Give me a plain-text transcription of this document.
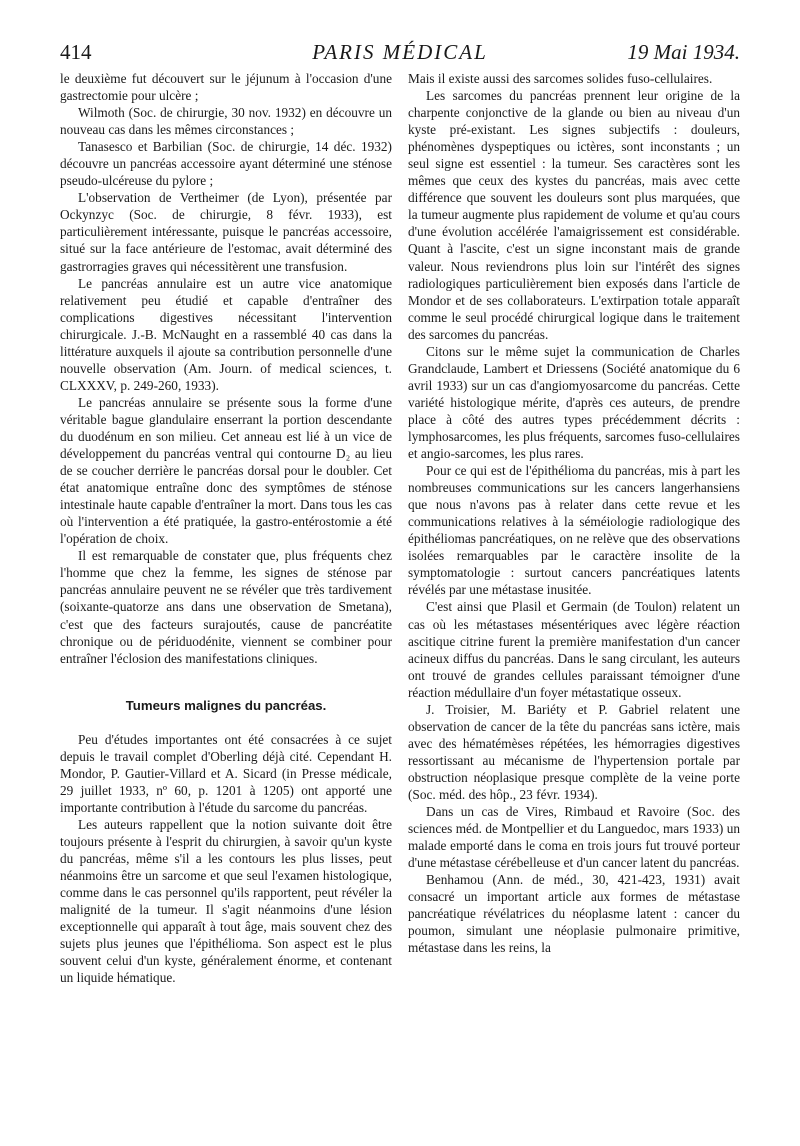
414	PARIS MÉDICAL	19 Mai 1934.

le deuxième fut découvert sur le jéjunum à l'occasion d'une gastrectomie pour ulcère ;

Wilmoth (Soc. de chirurgie, 30 nov. 1932) en découvre un nouveau cas dans les mêmes circonstances ;

Tanasesco et Barbilian (Soc. de chirurgie, 14 déc. 1932) découvre un pancréas accessoire ayant déterminé une sténose pseudo-ulcéreuse du pylore ;

L'observation de Vertheimer (de Lyon), présentée par Ockynzyc (Soc. de chirurgie, 8 févr. 1933), est particulièrement intéressante, puisque le pancréas accessoire, situé sur la face antérieure de l'estomac, avait déterminé des gastrorragies graves qui nécessitèrent une transfusion.

Le pancréas annulaire est un autre vice anatomique relativement peu étudié et capable d'entraîner des complications digestives nécessitant l'intervention chirurgicale. J.-B. McNaught en a rassemblé 40 cas dans la littérature auxquels il ajoute sa contribution personnelle d'une nouvelle observation (Am. Journ. of medical sciences, t. CLXXXV, p. 249-260, 1933).

Le pancréas annulaire se présente sous la forme d'une véritable bague glandulaire enserrant la portion descendante du duodénum en son milieu. Cet anneau est lié à un vice de développement du pancréas ventral qui contourne D₂ au lieu de se coucher derrière le pancréas dorsal pour le doubler. Cet état anatomique entraîne donc des symptômes de sténose intestinale haute capable d'entraîner la mort. Dans tous les cas où l'intervention a été pratiquée, la gastro-entérostomie a été l'opération de choix.

Il est remarquable de constater que, plus fréquents chez l'homme que chez la femme, les signes de sténose par pancréas annulaire peuvent ne se révéler que très tardivement (soixante-quatorze ans dans une observation de Smetana), c'est que des facteurs surajoutés, cause de pancréatite chronique ou de périduodénite, viennent se combiner pour entraîner l'éclosion des manifestations cliniques.

Tumeurs malignes du pancréas.

Peu d'études importantes ont été consacrées à ce sujet depuis le travail complet d'Oberling déjà cité. Cependant H. Mondor, P. Gautier-Villard et A. Sicard (in Presse médicale, 29 juillet 1933, nº 60, p. 1201 à 1205) ont apporté une importante contribution à l'étude du sarcome du pancréas.

Les auteurs rappellent que la notion suivante doit être toujours présente à l'esprit du chirurgien, à savoir qu'un kyste du pancréas, même s'il a les contours les plus lisses, peut néanmoins être un sarcome et que seul l'examen histologique, comme dans le cas personnel qu'ils rapportent, peut révéler la malignité de la tumeur. Il s'agit néanmoins d'une lésion exceptionnelle qui apparaît à tout âge, mais souvent chez des sujets plus jeunes que l'épithélioma. Son aspect est le plus souvent celui d'un kyste, généralement énorme, et contenant un liquide hématique.

Mais il existe aussi des sarcomes solides fuso-cellulaires.

Les sarcomes du pancréas prennent leur origine de la charpente conjonctive de la glande ou bien au niveau d'un kyste pré-existant. Les signes subjectifs : douleurs, phénomènes dyspeptiques ou ictères, sont inconstants ; un seul signe est essentiel : la tumeur. Ses caractères sont les mêmes que ceux des kystes du pancréas, mais avec cette différence que souvent les douleurs sont plus marquées, que la tumeur augmente plus rapidement de volume et qu'au cours d'une évolution accélérée l'amaigrissement est considérable. Quant à l'ascite, c'est un signe inconstant mais de grande valeur. Nous reviendrons plus loin sur l'intérêt des signes radiologiques particulièrement bien exposés dans l'article de Mondor et de ses collaborateurs. L'extirpation totale apparaît comme le seul procédé chirurgical logique dans le traitement des sarcomes du pancréas.

Citons sur le même sujet la communication de Charles Grandclaude, Lambert et Driessens (Société anatomique du 6 avril 1933) sur un cas d'angiomyosarcome du pancréas. Cette variété histologique mérite, d'après ces auteurs, de prendre place à côté des autres types précédemment décrits : lymphosarcomes, les plus fréquents, sarcomes fuso-cellulaires et angio-sarcomes, les plus rares.

Pour ce qui est de l'épithélioma du pancréas, mis à part les nombreuses communications sur les cancers langerhansiens que nous n'avons pas à relater dans cette revue et les communications relatives à la séméiologie radiologique des épithéliomas pancréatiques, on ne relève que des observations isolées remarquables par le caractère insolite de la symptomatologie : surtout cancers pancréatiques latents révélés par une métastase inusitée.

C'est ainsi que Plasil et Germain (de Toulon) relatent un cas où les métastases mésentériques avec légère réaction ascitique citrine furent la première manifestation d'un cancer acineux diffus du pancréas. Dans le sang circulant, les auteurs ont trouvé de grandes cellules paraissant témoigner d'une réaction médullaire d'un foyer métastatique osseux.

J. Troisier, M. Bariéty et P. Gabriel relatent une observation de cancer de la tête du pancréas sans ictère, mais avec des hématémèses répétées, les hémorragies digestives ressortissant au mécanisme de l'hypertension portale par obstruction néoplasique presque complète de la veine porte (Soc. méd. des hôp., 23 févr. 1934).

Dans un cas de Vires, Rimbaud et Ravoire (Soc. des sciences méd. de Montpellier et du Languedoc, mars 1933) un malade emporté dans le coma en trois jours fut trouvé porteur d'une métastase cérébelleuse et d'un cancer latent du pancréas.

Benhamou (Ann. de méd., 30, 421-423, 1931) avait consacré un important article aux formes de métastase pancréatique révélatrices du néoplasme latent : cancer du poumon, simulant une néoplasie pulmonaire primitive, métastase dans les reins, la
